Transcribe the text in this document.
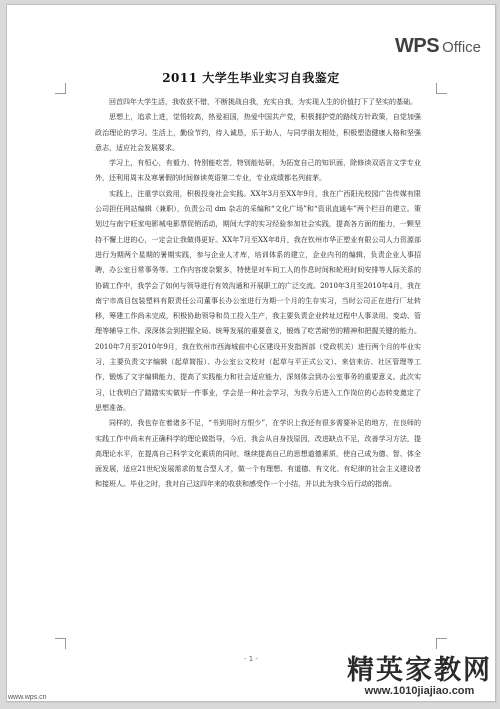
WPS Office
2011 大学生毕业实习自我鉴定

回首四年大学生活，我收获不错，不断挑战自我，充实自我，为实现人生的价值打下了坚实的基础。

思想上，追求上进，觉悟较高，热爱祖国，热爱中国共产党，积极拥护党的路线方针政策，自觉加强政治理论的学习。生活上，勤俭节约，待人诚恳，乐于助人，与同学朋友相处，积极塑造健康人格和坚强意志，适应社会发展要求。

学习上，有恒心，有毅力，特别能吃苦，特别能钻研，为拓宽自己的知识面，除修读双语言文学专业外，还利用周末及寒暑假的时间修读英语第二专业，专业成绩都名列前茅。

实践上，注重学以致用，积极投身社会实践。XX年3月至XX年9月，我在广西阳光校园广告传媒有限公司担任网站编辑（兼职），负责公司 dm 杂志的采编和“文化广场”和“资讯直通车”两个栏目的建立。策划过与南宁旺家电影城电影票促销活动，期间大学的实习经验参加社会实践，提高各方面的能力，一颗坚持不懈上进的心，一定会让我做得更好。XX年7月至XX年8月，我在钦州市华正塑业有限公司人力资源部进行为期两个星期的暑期实践，参与企业人才库，培训体系的建立，企业内刊的编辑，负责企业人事招聘，办公室日常事务等。工作内容庞杂繁多，特使是对车间工人的作息时间和轮班时间安排等人际关系的协调工作中，我学会了如何与领导进行有效沟通和开展职工的广泛交流。2010年3月至2010年4月，我在南宁市高目包装塑料有限责任公司董事长办公室进行为期一个月的生存实习，当时公司正在进行厂址转移，筹建工作尚未完成，积极协助领导和员工投入生产，我主要负责企业转址过程中人事录用、变动、管理等辅导工作。深深体会到把握全局、统筹发展的重要意义，锻炼了吃苦耐劳的精神和把握关键的能力。2010年7月至2010年9月，我在钦州市西海城前中心区建设开发指挥部（党政机关）进行两个月的毕业实习，主要负责文字编辑（起草简报）、办公室公文校对（起草与平正式公文）、来信来访、社区管理等工作，锻炼了文字编辑能力，提高了实践能力和社会适应能力，深刻体会到办公室事务的重要意义。此次实习，让我明白了踏踏实实做好一件事业，学会是一种社会学习，为我今后进入工作岗位的心态转变奠定了思想准备。

同样的，我也存在着诸多不足，“书到用时方恨少”，在学识上我还有很多需要补足的地方，在良师的实践工作中尚未有正确科学的理论做指导，今后，我会从自身找原因，改进缺点不足，改善学习方法，提高理论水平，在提高自己科学文化素质的同时，继续提高自己的思想道德素质，使自己成为德、智、体全面发展，适应21世纪发展需求的复合型人才，做一个有理想、有道德、有文化、有纪律的社会主义建设者和接班人。毕业之时，我对自己这四年来的收获和感受作一个小结，并以此为我今后行动的指南。

- 1 -
www.wps.cn
精英家教网
www.1010jiajiao.com
